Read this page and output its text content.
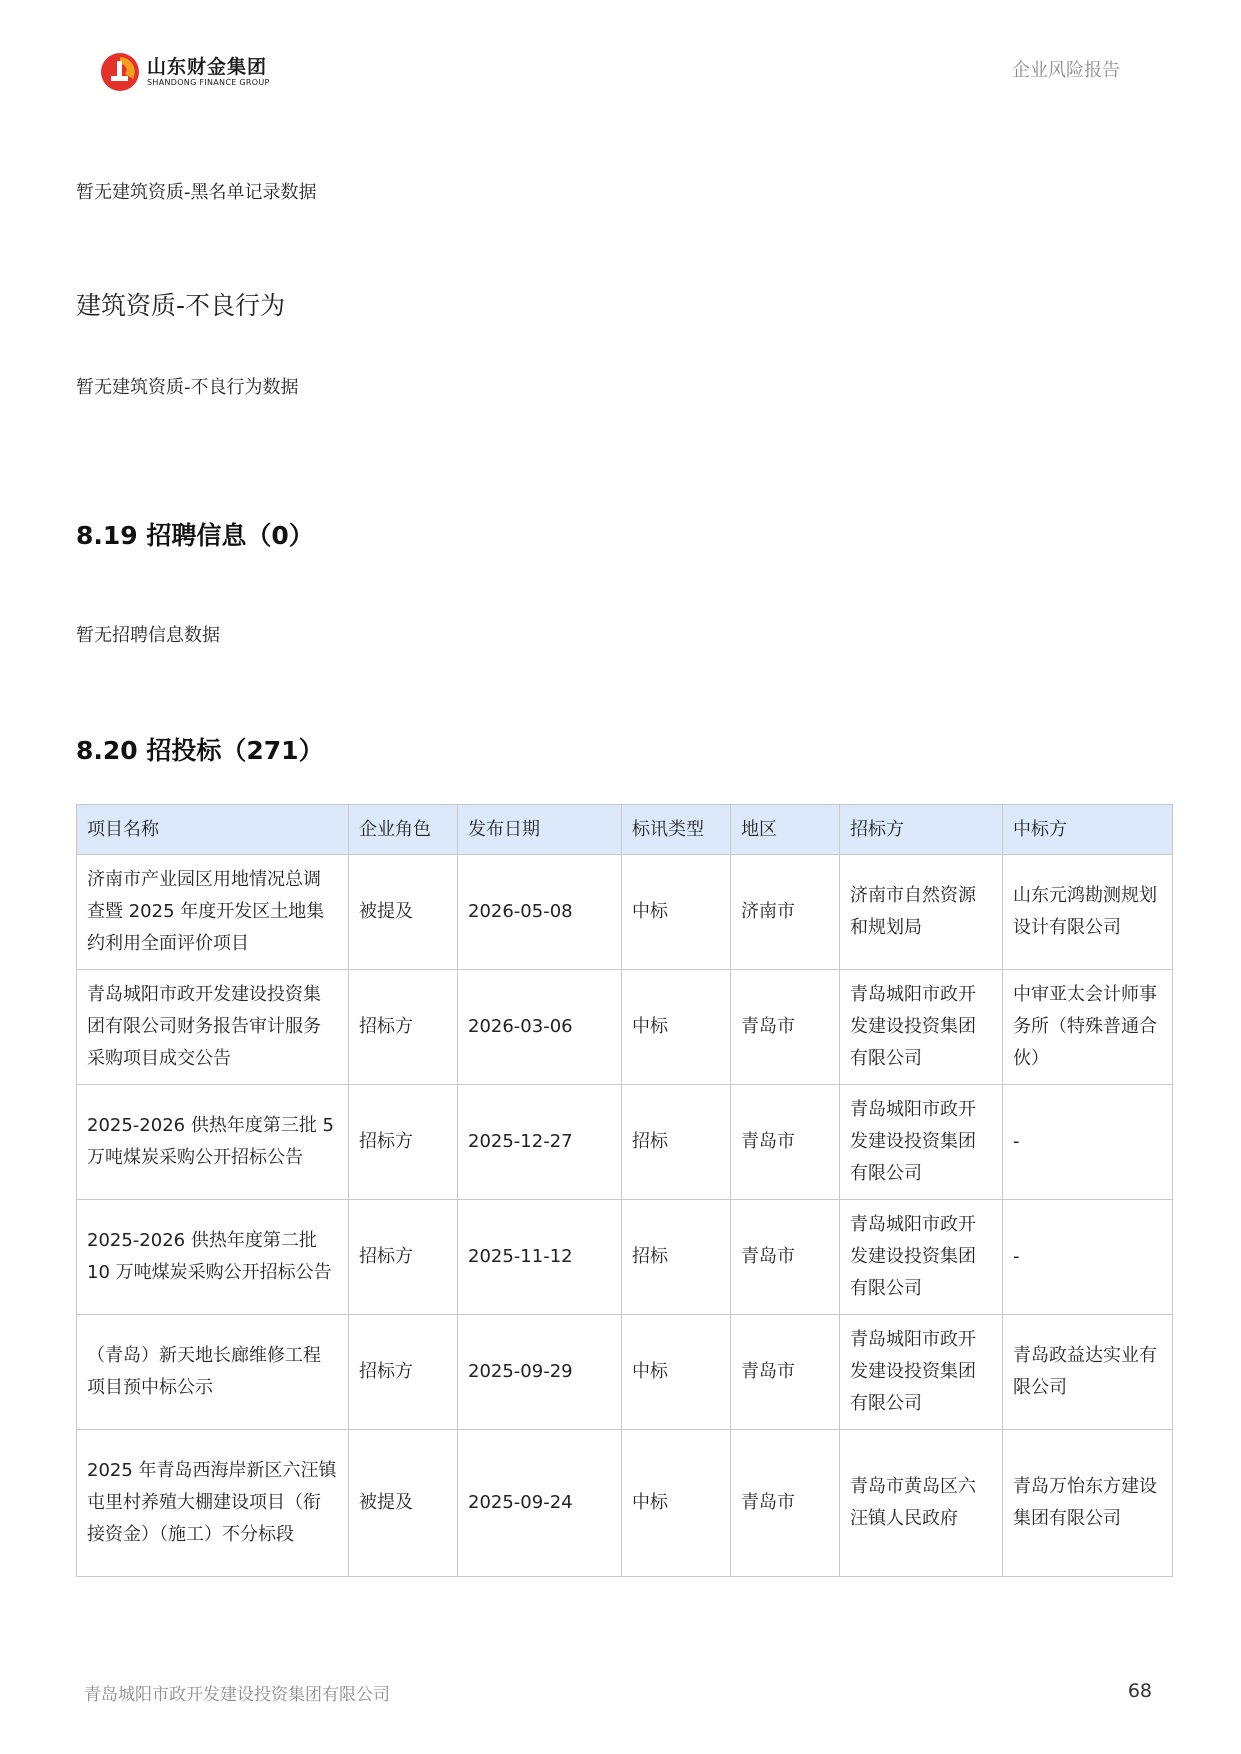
山东财金集团
SHANDONG FINANCE GROUP
企业风险报告
暂无建筑资质-黑名单记录数据
建筑资质-不良行为
暂无建筑资质-不良行为数据
8.19 招聘信息（0）
暂无招聘信息数据
8.20 招投标（271）
项目名称	企业角色	发布日期	标讯类型	地区	招标方	中标方
济南市产业园区用地情况总调查暨 2025 年度开发区土地集约利用全面评价项目	被提及	2026-05-08	中标	济南市	济南市自然资源和规划局	山东元鸿勘测规划设计有限公司
青岛城阳市政开发建设投资集团有限公司财务报告审计服务采购项目成交公告	招标方	2026-03-06	中标	青岛市	青岛城阳市政开发建设投资集团有限公司	中审亚太会计师事务所（特殊普通合伙）
2025-2026 供热年度第三批 5 万吨煤炭采购公开招标公告	招标方	2025-12-27	招标	青岛市	青岛城阳市政开发建设投资集团有限公司	-
2025-2026 供热年度第二批 10 万吨煤炭采购公开招标公告	招标方	2025-11-12	招标	青岛市	青岛城阳市政开发建设投资集团有限公司	-
（青岛）新天地长廊维修工程项目预中标公示	招标方	2025-09-29	中标	青岛市	青岛城阳市政开发建设投资集团有限公司	青岛政益达实业有限公司
2025 年青岛西海岸新区六汪镇屯里村养殖大棚建设项目（衔接资金）（施工）不分标段	被提及	2025-09-24	中标	青岛市	青岛市黄岛区六汪镇人民政府	青岛万怡东方建设集团有限公司
青岛城阳市政开发建设投资集团有限公司	68
